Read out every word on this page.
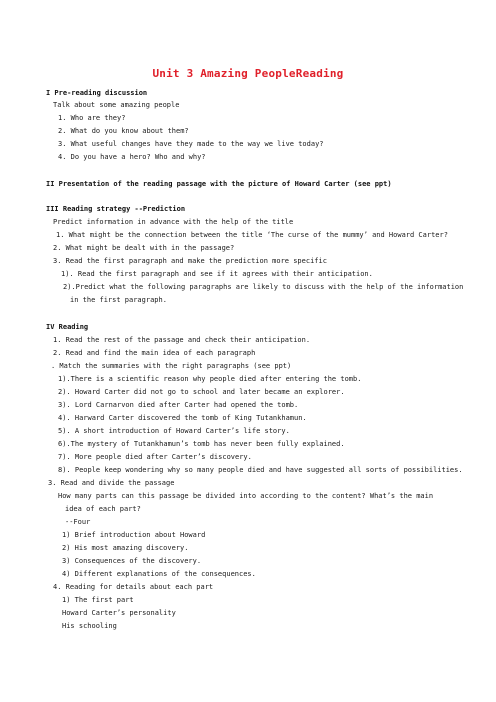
Unit 3 Amazing PeopleReading
I Pre-reading discussion
Talk about some amazing people
1. Who are they?
2. What do you know about them?
3. What useful changes have they made to the way we live today?
4. Do you have a hero? Who and why?
II Presentation of the reading passage with the picture of Howard Carter (see ppt)
III Reading strategy --Prediction
Predict information in advance with the help of the title
1. What might be the connection between the title ‘The curse of the mummy’ and Howard Carter?
2. What might be dealt with in the passage?
3. Read the first paragraph and make the prediction more specific
1). Read the first paragraph and see if it agrees with their anticipation.
2).Predict what the following paragraphs are likely to discuss with the help of the information
in the first paragraph.
IV Reading
1. Read the rest of the passage and check their anticipation.
2. Read and find the main idea of each paragraph
. Match the summaries with the right paragraphs (see ppt)
1).There is a scientific reason why people died after entering the tomb.
2). Howard Carter did not go to school and later became an explorer.
3). Lord Carnarvon died after Carter had opened the tomb.
4). Harward Carter discovered the tomb of King Tutankhamun.
5). A short introduction of Howard Carter’s life story.
6).The mystery of Tutankhamun’s tomb has never been fully explained.
7). More people died after Carter’s discovery.
8). People keep wondering why so many people died and have suggested all sorts of possibilities.
3. Read and divide the passage
How many parts can this passage be divided into according to the content? What’s the main
idea of each part?
--Four
1) Brief introduction about Howard
2) His most amazing discovery.
3) Consequences of the discovery.
4) Different explanations of the consequences.
4. Reading for details about each part
1) The first part
Howard Carter’s personality
His schooling
